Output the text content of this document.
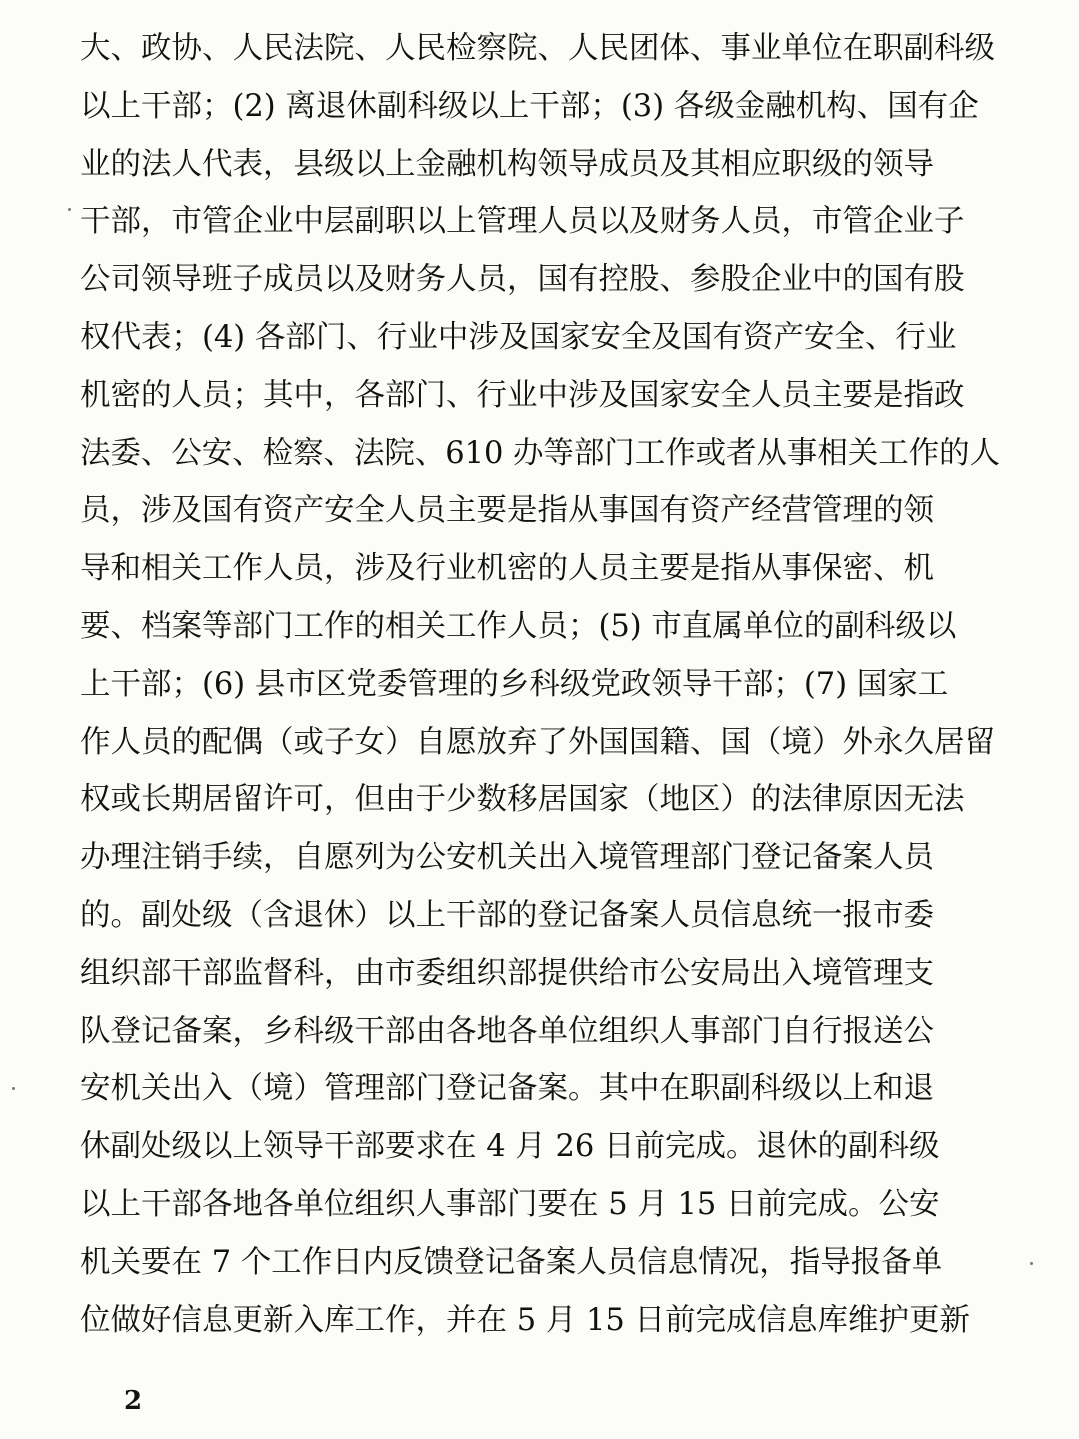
大、政协、人民法院、人民检察院、人民团体、事业单位在职副科级
以上干部；(2) 离退休副科级以上干部；(3) 各级金融机构、国有企
业的法人代表，县级以上金融机构领导成员及其相应职级的领导
干部，市管企业中层副职以上管理人员以及财务人员，市管企业子
公司领导班子成员以及财务人员，国有控股、参股企业中的国有股
权代表；(4) 各部门、行业中涉及国家安全及国有资产安全、行业
机密的人员；其中，各部门、行业中涉及国家安全人员主要是指政
法委、公安、检察、法院、610 办等部门工作或者从事相关工作的人
员，涉及国有资产安全人员主要是指从事国有资产经营管理的领
导和相关工作人员，涉及行业机密的人员主要是指从事保密、机
要、档案等部门工作的相关工作人员；(5) 市直属单位的副科级以
上干部；(6) 县市区党委管理的乡科级党政领导干部；(7) 国家工
作人员的配偶（或子女）自愿放弃了外国国籍、国（境）外永久居留
权或长期居留许可，但由于少数移居国家（地区）的法律原因无法
办理注销手续，自愿列为公安机关出入境管理部门登记备案人员
的。副处级（含退休）以上干部的登记备案人员信息统一报市委
组织部干部监督科，由市委组织部提供给市公安局出入境管理支
队登记备案，乡科级干部由各地各单位组织人事部门自行报送公
安机关出入（境）管理部门登记备案。其中在职副科级以上和退
休副处级以上领导干部要求在 4 月 26 日前完成。退休的副科级
以上干部各地各单位组织人事部门要在 5 月 15 日前完成。公安
机关要在 7 个工作日内反馈登记备案人员信息情况，指导报备单
位做好信息更新入库工作，并在 5 月 15 日前完成信息库维护更新
2
